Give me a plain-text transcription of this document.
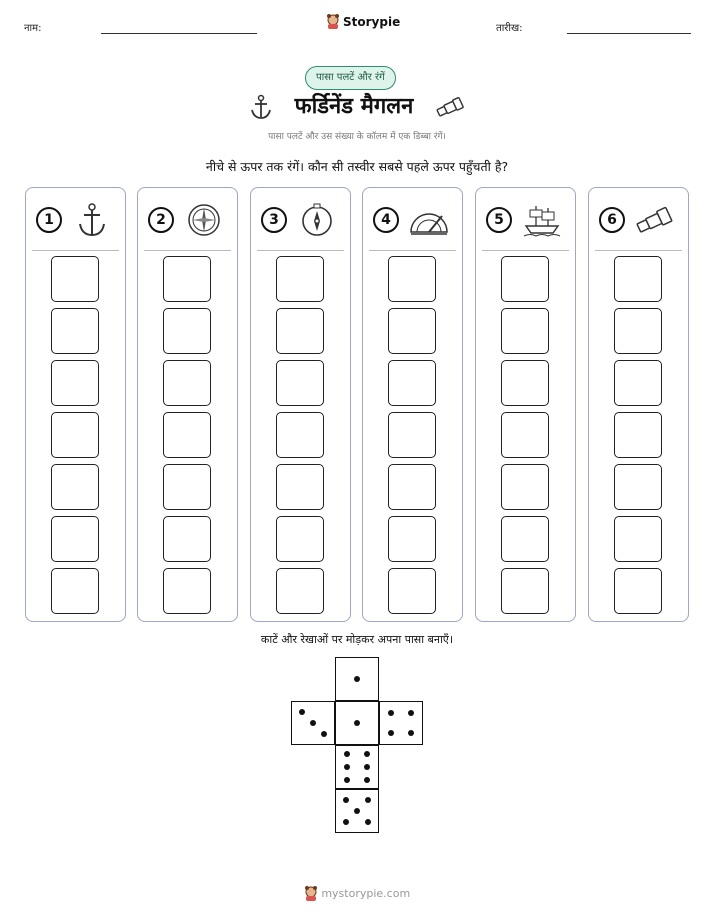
नाम:	Storypie	तारीख:
पासा पलटें और रंगें
फर्डिनेंड मैगलन
पासा पलटें और उस संख्या के कॉलम में एक डिब्बा रंगें।
नीचे से ऊपर तक रंगें। कौन सी तस्वीर सबसे पहले ऊपर पहुँचती है?
1	2	3	4	5	6
काटें और रेखाओं पर मोड़कर अपना पासा बनाएँ।
mystorypie.com
